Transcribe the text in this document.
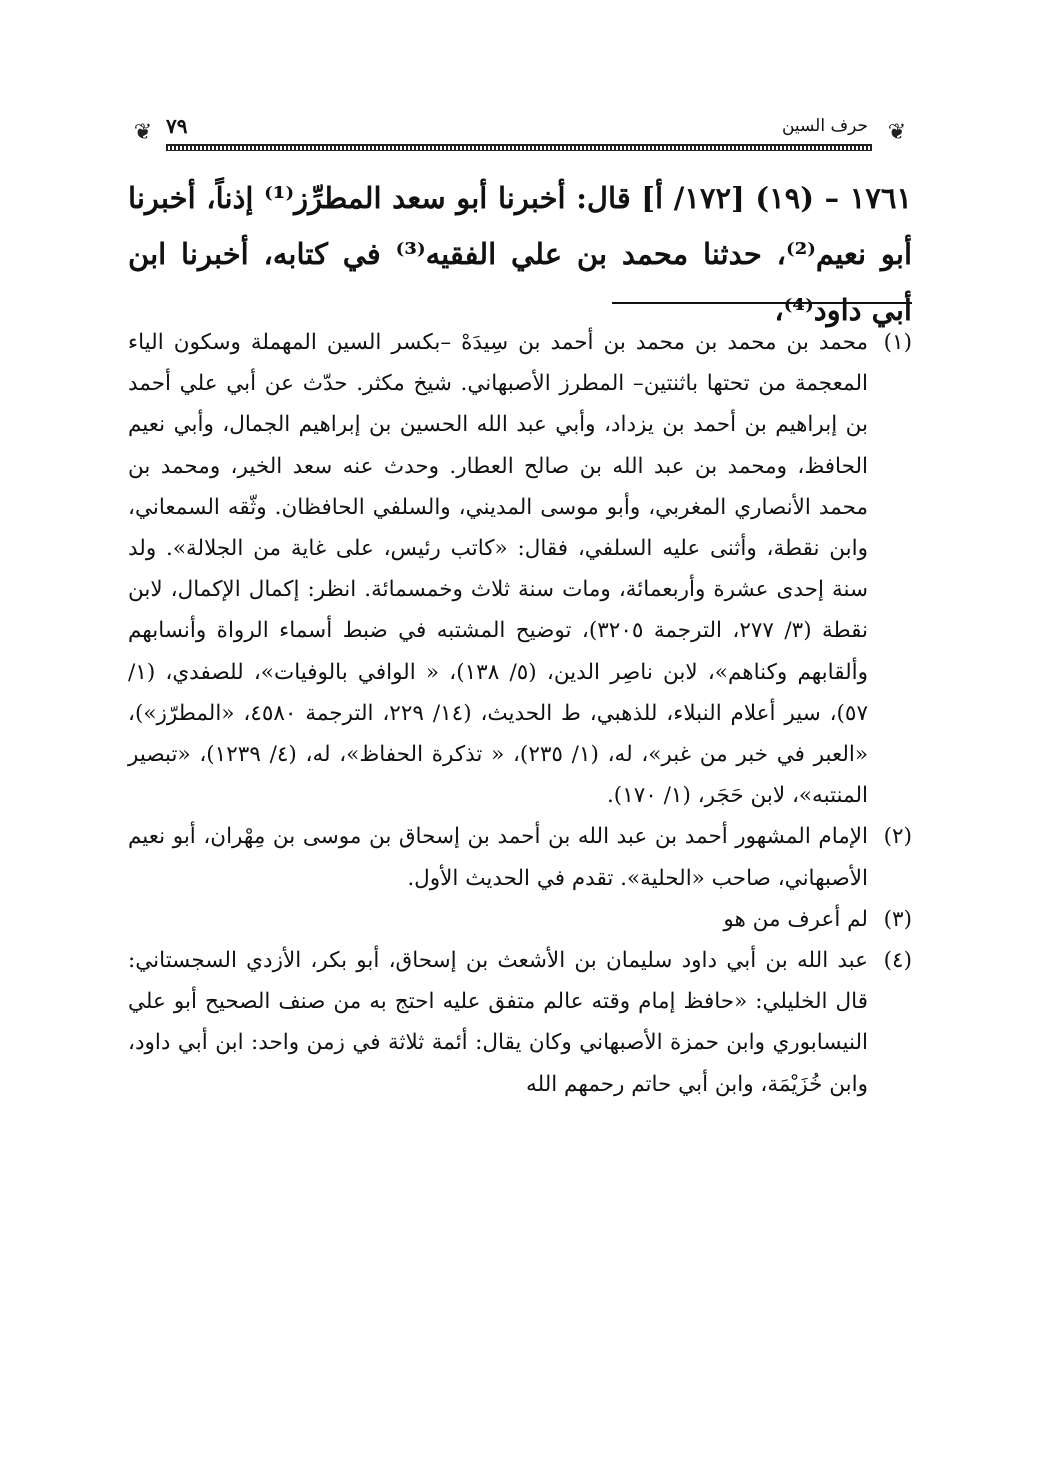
❦
حرف السين
٧٩
❦

١٧٦١ – (١٩) [١٧٢/ أ] قال: أخبرنا أبو سعد المطرِّز⁽¹⁾ إذناً، أخبرنا أبو نعيم⁽²⁾، حدثنا محمد بن علي الفقيه⁽³⁾ في كتابه، أخبرنا ابن أبي داود⁽⁴⁾،

(١)
محمد بن محمد بن محمد بن أحمد بن سِيدَهْ –بكسر السين المهملة وسكون الياء المعجمة من تحتها باثنتين– المطرز الأصبهاني. شيخ مكثر. حدّث عن أبي علي أحمد بن إبراهيم بن أحمد بن يزداد، وأبي عبد الله الحسين بن إبراهيم الجمال، وأبي نعيم الحافظ، ومحمد بن عبد الله بن صالح العطار. وحدث عنه سعد الخير، ومحمد بن محمد الأنصاري المغربي، وأبو موسى المديني، والسلفي الحافظان. وثّقه السمعاني، وابن نقطة، وأثنى عليه السلفي، فقال: «كاتب رئيس، على غاية من الجلالة». ولد سنة إحدى عشرة وأربعمائة، ومات سنة ثلاث وخمسمائة. انظر: إكمال الإكمال، لابن نقطة (٣/ ٢٧٧، الترجمة ٣٢٠٥)، توضيح المشتبه في ضبط أسماء الرواة وأنسابهم وألقابهم وكناهم»، لابن ناصِر الدين، (٥/ ١٣٨)، « الوافي بالوفيات»، للصفدي، (١/ ٥٧)، سير أعلام النبلاء، للذهبي، ط الحديث، (١٤/ ٢٢٩، الترجمة ٤٥٨٠، «المطرّز»)، «العبر في خبر من غبر»، له، (١/ ٢٣٥)، « تذكرة الحفاظ»، له، (٤/ ١٢٣٩)، «تبصير المنتبه»، لابن حَجَر، (١/ ١٧٠).
(٢)
الإمام المشهور أحمد بن عبد الله بن أحمد بن إسحاق بن موسى بن مِهْران، أبو نعيم الأصبهاني، صاحب «الحلية». تقدم في الحديث الأول.
(٣)
لم أعرف من هو
(٤)
عبد الله بن أبي داود سليمان بن الأشعث بن إسحاق، أبو بكر، الأزدي السجستاني: قال الخليلي: «حافظ إمام وقته عالم متفق عليه احتج به من صنف الصحيح أبو علي النيسابوري وابن حمزة الأصبهاني وكان يقال: أئمة ثلاثة في زمن واحد: ابن أبي داود، وابن خُزَيْمَة، وابن أبي حاتم رحمهم الله
